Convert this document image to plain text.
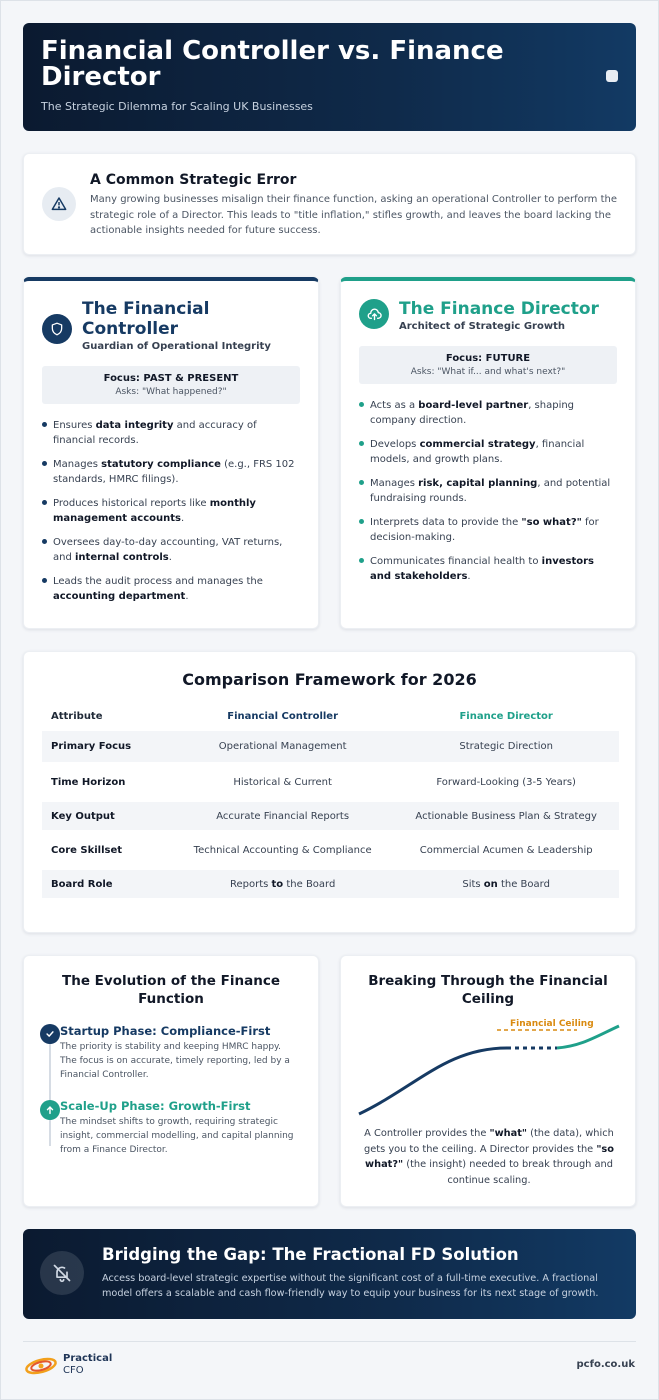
Financial Controller vs. Finance Director

The Strategic Dilemma for Scaling UK Businesses

A Common Strategic Error

Many growing businesses misalign their finance function, asking an operational Controller to perform the strategic role of a Director. This leads to "title inflation," stifles growth, and leaves the board lacking the actionable insights needed for future success.

The Financial Controller
Guardian of Operational Integrity
Focus: PAST & PRESENT
Asks: "What happened?"
Ensures data integrity and accuracy of financial records.
Manages statutory compliance (e.g., FRS 102 standards, HMRC filings).
Produces historical reports like monthly management accounts.
Oversees day-to-day accounting, VAT returns, and internal controls.
Leads the audit process and manages the accounting department.
The Finance Director
Architect of Strategic Growth
Focus: FUTURE
Asks: "What if... and what's next?"
Acts as a board-level partner, shaping company direction.
Develops commercial strategy, financial models, and growth plans.
Manages risk, capital planning, and potential fundraising rounds.
Interprets data to provide the "so what?" for decision-making.
Communicates financial health to investors and stakeholders.
Comparison Framework for 2026
Attribute	Financial Controller	Finance Director
Primary Focus	Operational Management	Strategic Direction
Time Horizon	Historical & Current	Forward-Looking (3-5 Years)
Key Output	Accurate Financial Reports	Actionable Business Plan & Strategy
Core Skillset	Technical Accounting & Compliance	Commercial Acumen & Leadership
Board Role	Reports to the Board	Sits on the Board
The Evolution of the Finance Function
Startup Phase: Compliance-First

The priority is stability and keeping HMRC happy. The focus is on accurate, timely reporting, led by a Financial Controller.

Scale-Up Phase: Growth-First

The mindset shifts to growth, requiring strategic insight, commercial modelling, and capital planning from a Finance Director.

Breaking Through the Financial Ceiling
Financial Ceiling

A Controller provides the "what" (the data), which gets you to the ceiling. A Director provides the "so what?" (the insight) needed to break through and continue scaling.

Bridging the Gap: The Fractional FD Solution

Access board-level strategic expertise without the significant cost of a full-time executive. A fractional model offers a scalable and cash flow-friendly way to equip your business for its next stage of growth.

Practical
CFO
pcfo.co.uk
